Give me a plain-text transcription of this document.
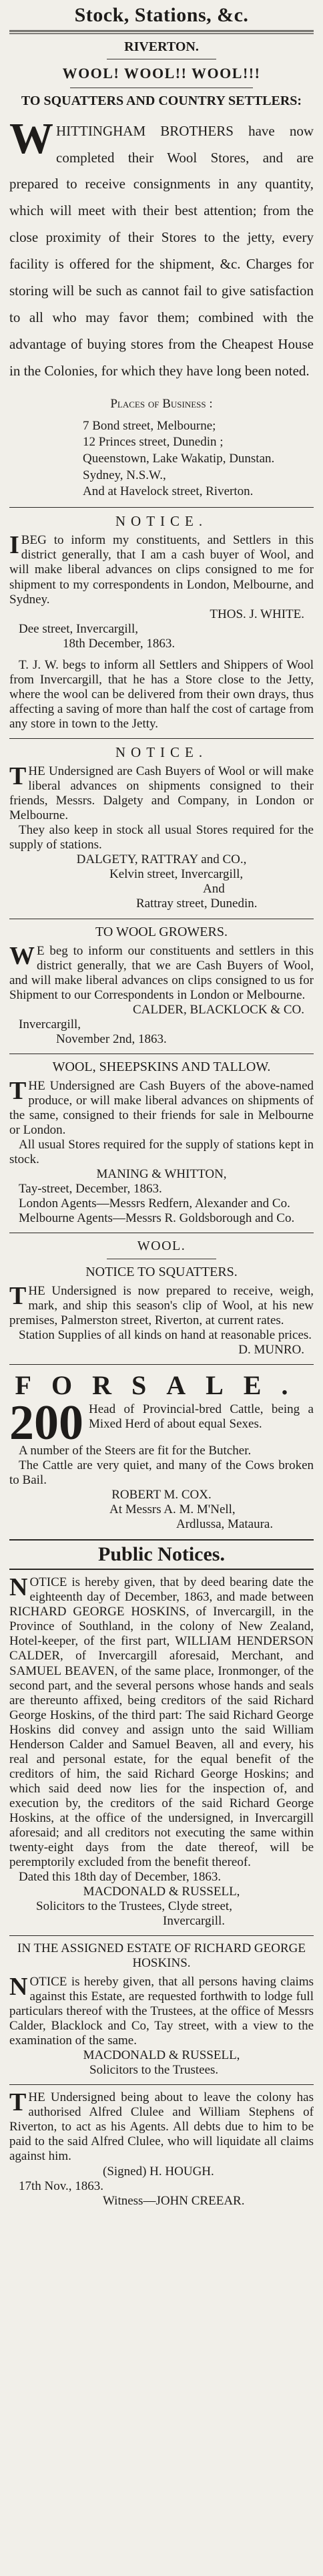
Stock, Stations, &c.
RIVERTON.
WOOL! WOOL!! WOOL!!!
TO SQUATTERS AND COUNTRY SETTLERS:
WHITTINGHAM BROTHERS have now completed their Wool Stores, and are prepared to receive consignments in any quantity, which will meet with their best attention; from the close proximity of their Stores to the jetty, every facility is offered for the shipment, &c. Charges for storing will be such as cannot fail to give satisfaction to all who may favor them; combined with the advantage of buying stores from the Cheapest House in the Colonies, for which they have long been noted.
Places of Business :
7 Bond street, Melbourne;
12 Princes street, Dunedin ;
Queenstown, Lake Wakatip, Dunstan.
Sydney, N.S.W.,
And at Havelock street, Riverton.
NOTICE.
IBEG to inform my constituents, and Settlers in this district generally, that I am a cash buyer of Wool, and will make liberal advances on clips consigned to me for shipment to my correspondents in London, Melbourne, and Sydney.
THOS. J. WHITE.
Dee street, Invercargill,
18th December, 1863.
T. J. W. begs to inform all Settlers and Shippers of Wool from Invercargill, that he has a Store close to the Jetty, where the wool can be delivered from their own drays, thus affecting a saving of more than half the cost of cartage from any store in town to the Jetty.
NOTICE.
THE Undersigned are Cash Buyers of Wool or will make liberal advances on shipments consigned to their friends, Messrs. Dalgety and Company, in London or Melbourne.
They also keep in stock all usual Stores required for the supply of stations.
DALGETY, RATTRAY and CO.,
Kelvin street, Invercargill,
And
Rattray street, Dunedin.
TO WOOL GROWERS.
W E beg to inform our constituents and settlers in this district generally, that we are Cash Buyers of Wool, and will make liberal advances on clips consigned to us for Shipment to our Correspondents in London or Melbourne.
CALDER, BLACKLOCK & CO.
Invercargill,
November 2nd, 1863.
WOOL, SHEEPSKINS AND TALLOW.
THE Undersigned are Cash Buyers of the above-named produce, or will make liberal advances on shipments of the same, consigned to their friends for sale in Melbourne or London.
All usual Stores required for the supply of stations kept in stock.
MANING & WHITTON,
Tay-street, December, 1863.
London Agents—Messrs Redfern, Alexander and Co.
Melbourne Agents—Messrs R. Goldsborough and Co.
WOOL.
NOTICE TO SQUATTERS.
THE Undersigned is now prepared to receive, weigh, mark, and ship this season's clip of Wool, at his new premises, Palmerston street, Riverton, at current rates.
Station Supplies of all kinds on hand at reasonable prices.
D. MUNRO.
FORSALE.
200 Head of Provincial-bred Cattle, being a Mixed Herd of about equal Sexes.
A number of the Steers are fit for the Butcher.
The Cattle are very quiet, and many of the Cows broken to Bail.
ROBERT M. COX.
At Messrs A. M. M'Nell,
Ardlussa, Mataura.
Public Notices.
NOTICE is hereby given, that by deed bearing date the eighteenth day of December, 1863, and made between RICHARD GEORGE HOSKINS, of Invercargill, in the Province of Southland, in the colony of New Zealand, Hotel-keeper, of the first part, WILLIAM HENDERSON CALDER, of Invercargill aforesaid, Merchant, and SAMUEL BEAVEN, of the same place, Ironmonger, of the second part, and the several persons whose hands and seals are thereunto affixed, being creditors of the said Richard George Hoskins, of the third part: The said Richard George Hoskins did convey and assign unto the said William Henderson Calder and Samuel Beaven, all and every, his real and personal estate, for the equal benefit of the creditors of him, the said Richard George Hoskins; and which said deed now lies for the inspection of, and execution by, the creditors of the said Richard George Hoskins, at the office of the undersigned, in Invercargill aforesaid; and all creditors not executing the same within twenty-eight days from the date thereof, will be peremptorily excluded from the benefit thereof.
Dated this 18th day of December, 1863.
MACDONALD & RUSSELL,
Solicitors to the Trustees, Clyde street,
Invercargill.
IN THE ASSIGNED ESTATE OF RICHARD GEORGE HOSKINS.
NOTICE is hereby given, that all persons having claims against this Estate, are requested forthwith to lodge full particulars thereof with the Trustees, at the office of Messrs Calder, Blacklock and Co, Tay street, with a view to the examination of the same.
MACDONALD & RUSSELL,
Solicitors to the Trustees.
THE Undersigned being about to leave the colony has authorised Alfred Clulee and William Stephens of Riverton, to act as his Agents. All debts due to him to be paid to the said Alfred Clulee, who will liquidate all claims against him.
(Signed) H. HOUGH.
17th Nov., 1863.
Witness—JOHN CREEAR.
